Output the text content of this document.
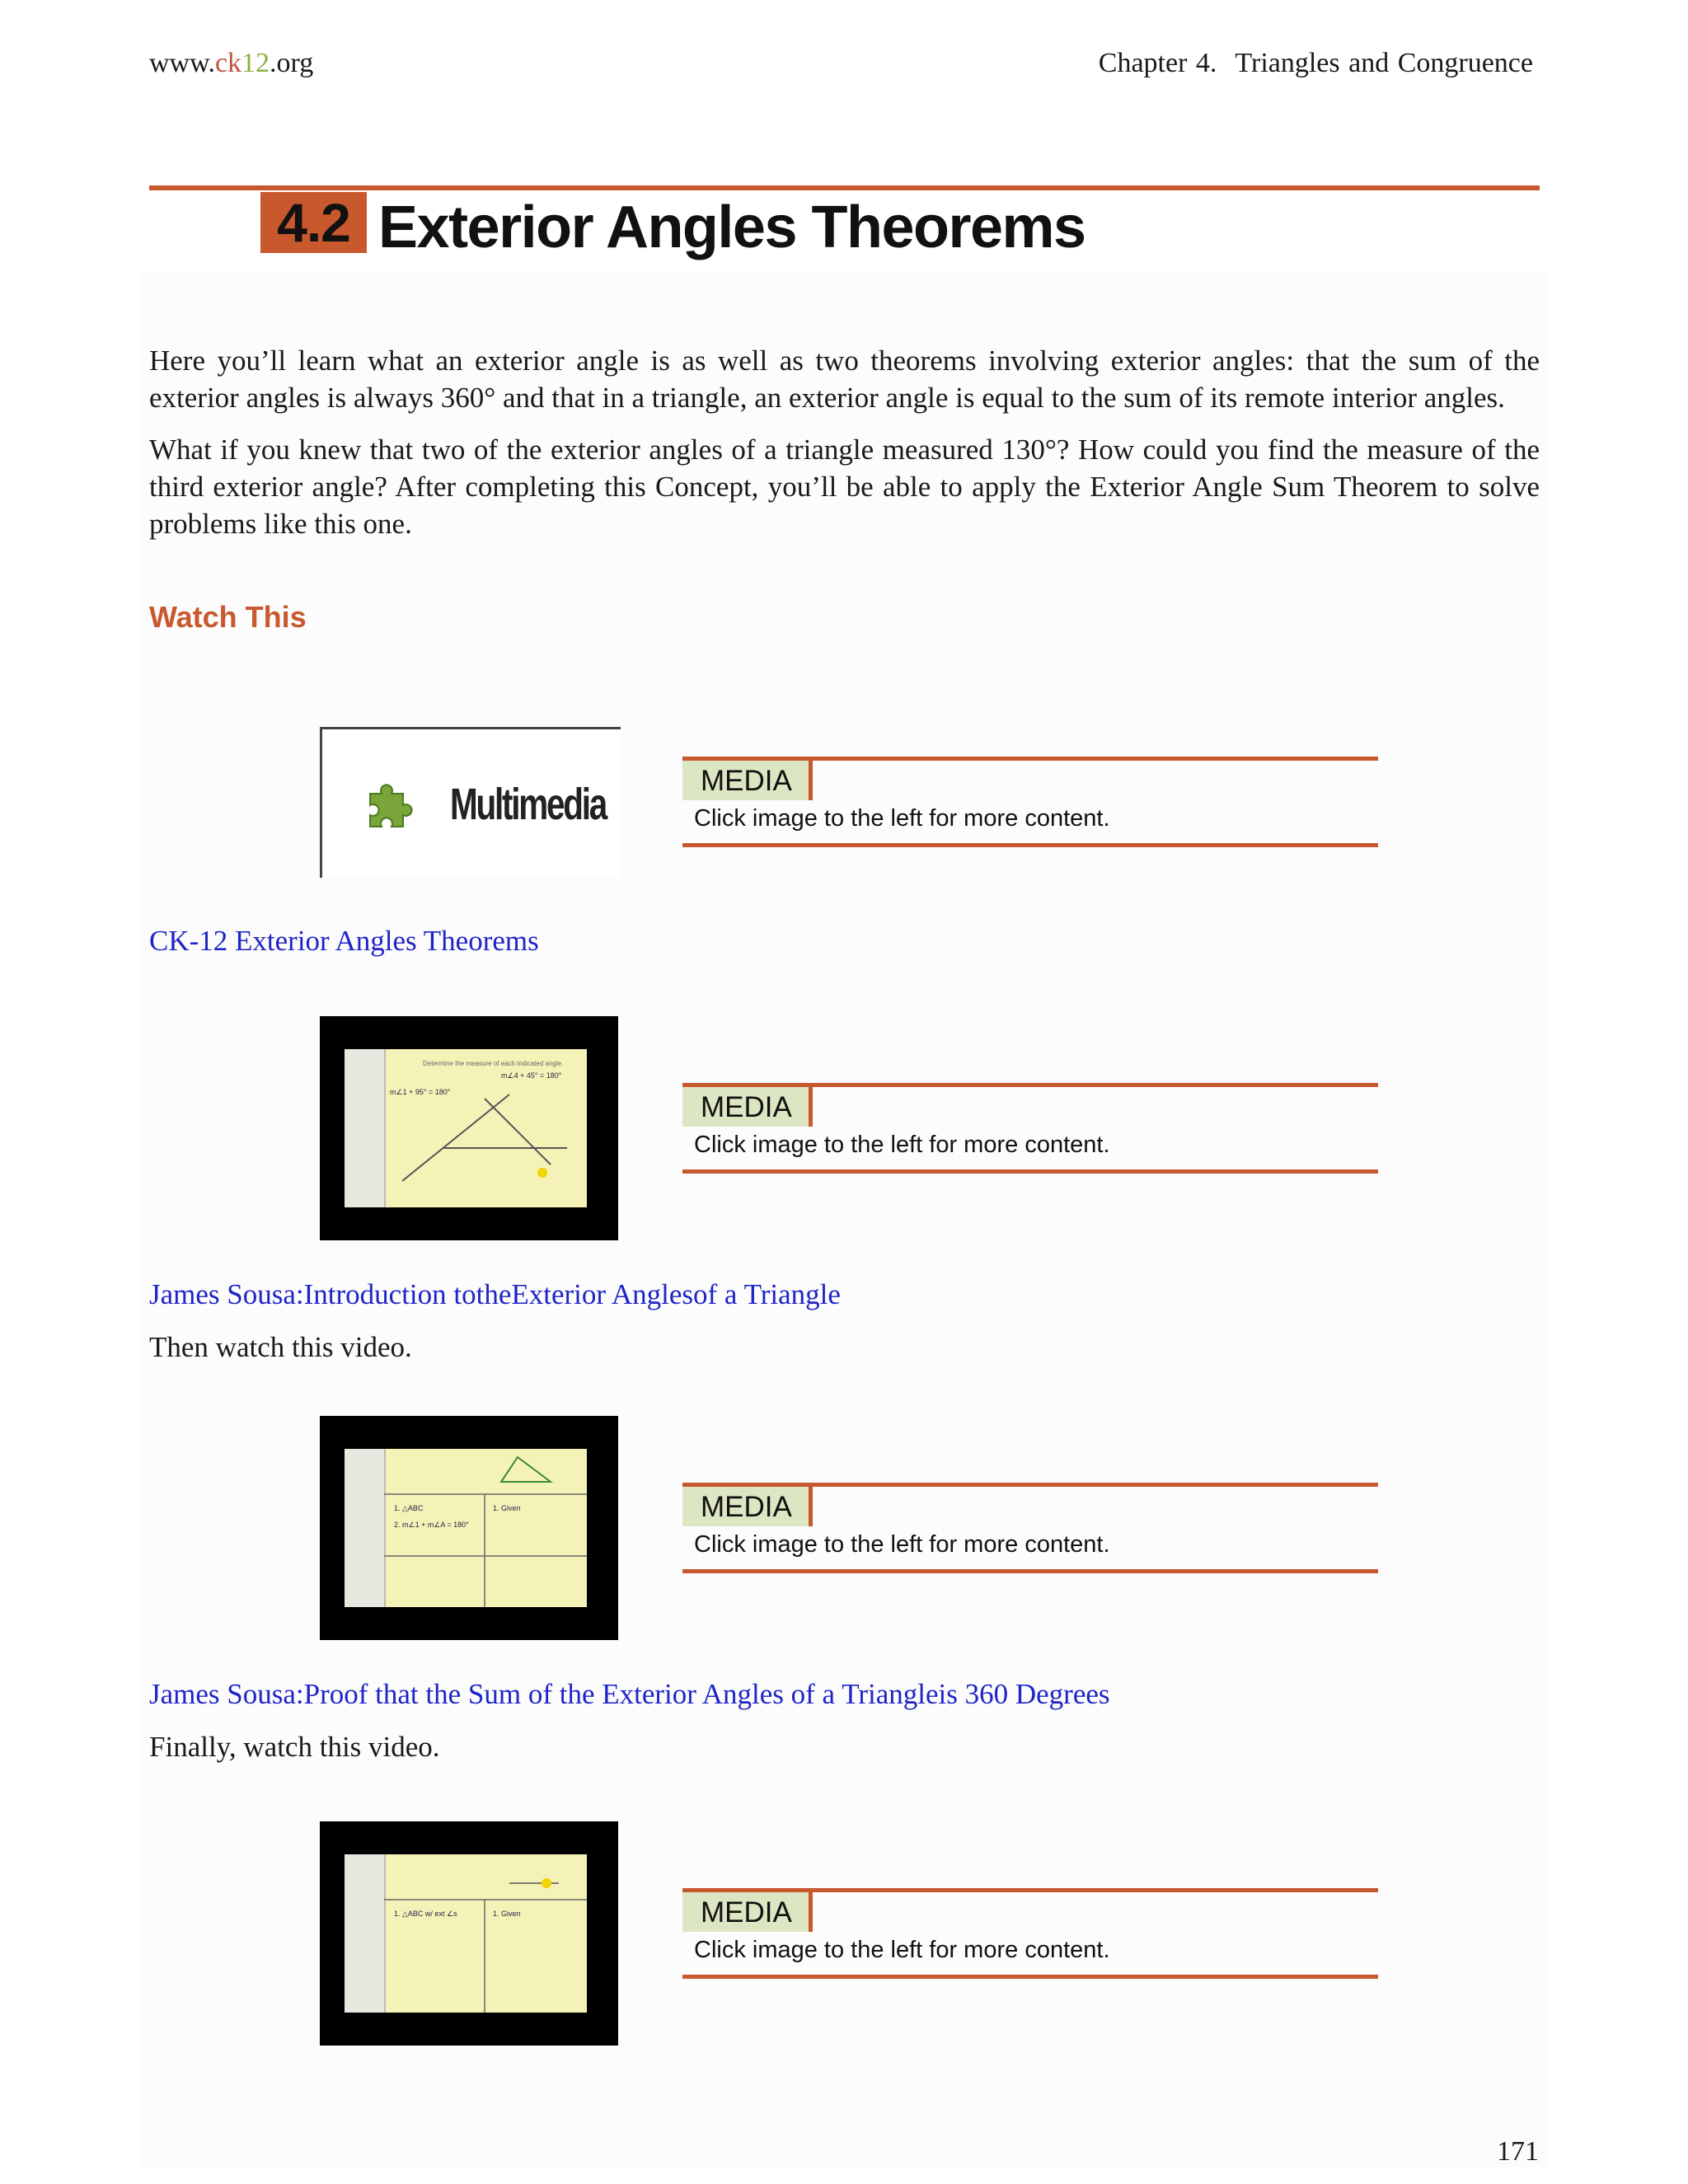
www.ck12.org	Chapter 4. Triangles and Congruence
4.2 Exterior Angles Theorems
Here you’ll learn what an exterior angle is as well as two theorems involving exterior angles: that the sum of the exterior angles is always 360° and that in a triangle, an exterior angle is equal to the sum of its remote interior angles.
What if you knew that two of the exterior angles of a triangle measured 130°? How could you find the measure of the third exterior angle? After completing this Concept, you’ll be able to apply the Exterior Angle Sum Theorem to solve problems like this one.
Watch This
Multimedia	MEDIA
Click image to the left for more content.
CK-12 Exterior Angles Theorems
Determine the measure of each indicated angle.
m∠1 + 95° = 180°
m∠4 + 45° = 180°
MEDIA
Click image to the left for more content.
James Sousa:Introduction totheExterior Anglesof a Triangle
Then watch this video.
1. △ABC
2. m∠1 + m∠A = 180°
1. Given	MEDIA
Click image to the left for more content.
James Sousa:Proof that the Sum of the Exterior Angles of a Triangleis 360 Degrees
Finally, watch this video.
1. △ABC w/ ext ∠s	1. Given	MEDIA
Click image to the left for more content.
171
